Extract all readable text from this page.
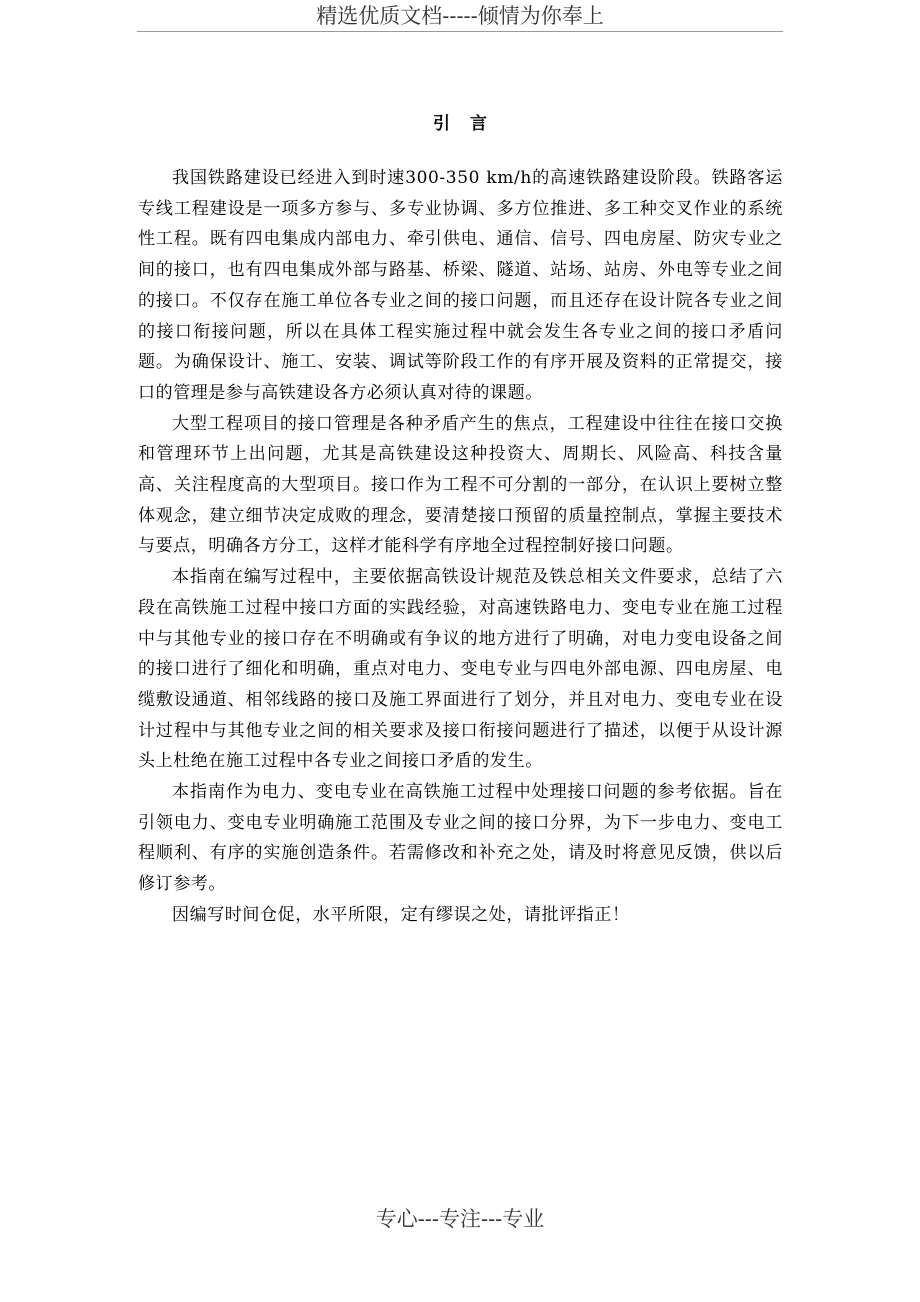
精选优质文档-----倾情为你奉上
引言

我国铁路建设已经进入到时速300-350 km/h的高速铁路建设阶段。铁路客运专线工程建设是一项多方参与、多专业协调、多方位推进、多工种交叉作业的系统性工程。既有四电集成内部电力、牵引供电、通信、信号、四电房屋、防灾专业之间的接口，也有四电集成外部与路基、桥梁、隧道、站场、站房、外电等专业之间的接口。不仅存在施工单位各专业之间的接口问题，而且还存在设计院各专业之间的接口衔接问题，所以在具体工程实施过程中就会发生各专业之间的接口矛盾问题。为确保设计、施工、安装、调试等阶段工作的有序开展及资料的正常提交，接口的管理是参与高铁建设各方必须认真对待的课题。

大型工程项目的接口管理是各种矛盾产生的焦点，工程建设中往往在接口交换和管理环节上出问题，尤其是高铁建设这种投资大、周期长、风险高、科技含量高、关注程度高的大型项目。接口作为工程不可分割的一部分，在认识上要树立整体观念，建立细节决定成败的理念，要清楚接口预留的质量控制点，掌握主要技术与要点，明确各方分工，这样才能科学有序地全过程控制好接口问题。

本指南在编写过程中，主要依据高铁设计规范及铁总相关文件要求，总结了六段在高铁施工过程中接口方面的实践经验，对高速铁路电力、变电专业在施工过程中与其他专业的接口存在不明确或有争议的地方进行了明确，对电力变电设备之间的接口进行了细化和明确，重点对电力、变电专业与四电外部电源、四电房屋、电缆敷设通道、相邻线路的接口及施工界面进行了划分，并且对电力、变电专业在设计过程中与其他专业之间的相关要求及接口衔接问题进行了描述，以便于从设计源头上杜绝在施工过程中各专业之间接口矛盾的发生。

本指南作为电力、变电专业在高铁施工过程中处理接口问题的参考依据。旨在引领电力、变电专业明确施工范围及专业之间的接口分界，为下一步电力、变电工程顺利、有序的实施创造条件。若需修改和补充之处，请及时将意见反馈，供以后修订参考。

因编写时间仓促，水平所限，定有缪误之处，请批评指正！

专心---专注---专业
